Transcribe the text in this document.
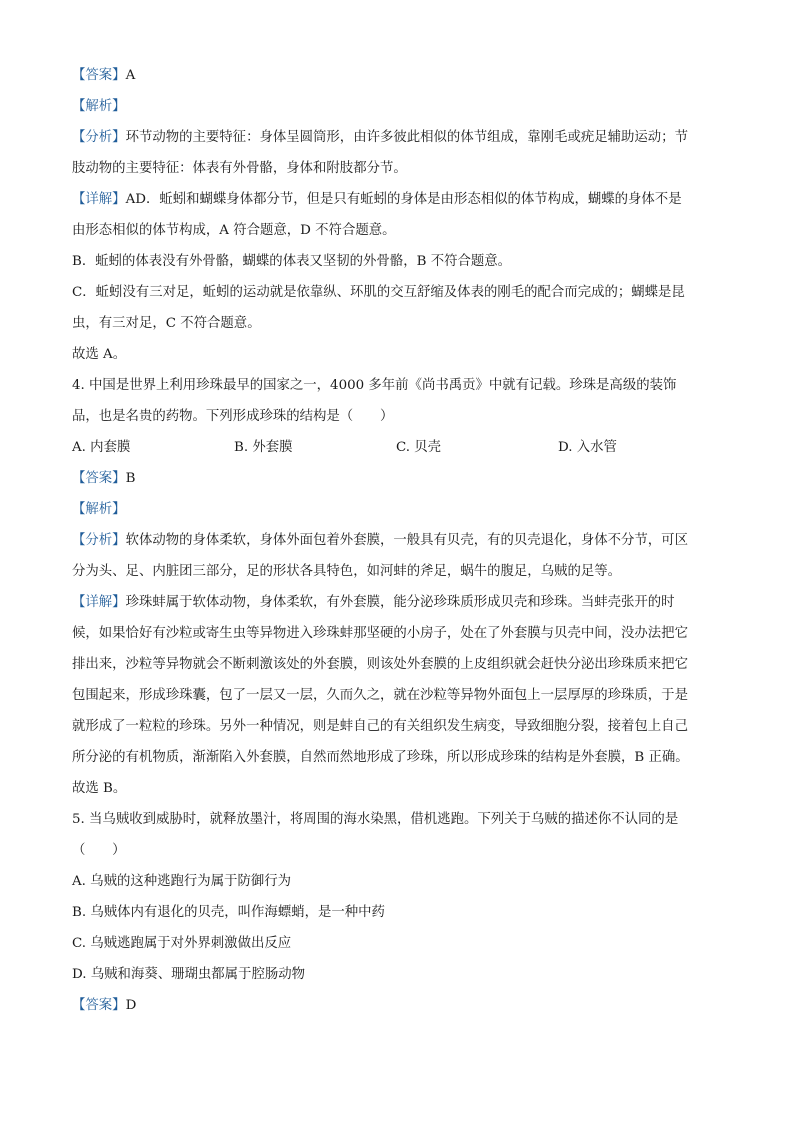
【答案】A
【解析】
【分析】环节动物的主要特征：身体呈圆筒形，由许多彼此相似的体节组成，靠刚毛或疣足辅助运动；节
肢动物的主要特征：体表有外骨骼，身体和附肢都分节。
【详解】AD．蚯蚓和蝴蝶身体都分节，但是只有蚯蚓的身体是由形态相似的体节构成，蝴蝶的身体不是
由形态相似的体节构成，A 符合题意，D 不符合题意。
B．蚯蚓的体表没有外骨骼，蝴蝶的体表又坚韧的外骨骼，B 不符合题意。
C．蚯蚓没有三对足，蚯蚓的运动就是依靠纵、环肌的交互舒缩及体表的刚毛的配合而完成的；蝴蝶是昆
虫，有三对足，C 不符合题意。
故选 A。
4. 中国是世界上利用珍珠最早的国家之一，4000 多年前《尚书禹贡》中就有记载。珍珠是高级的装饰
品，也是名贵的药物。下列形成珍珠的结构是（　　）
A. 内套膜	B. 外套膜	C. 贝壳	D. 入水管
【答案】B
【解析】
【分析】软体动物的身体柔软，身体外面包着外套膜，一般具有贝壳，有的贝壳退化，身体不分节，可区
分为头、足、内脏团三部分，足的形状各具特色，如河蚌的斧足，蜗牛的腹足，乌贼的足等。
【详解】珍珠蚌属于软体动物，身体柔软，有外套膜，能分泌珍珠质形成贝壳和珍珠。当蚌壳张开的时
候，如果恰好有沙粒或寄生虫等异物进入珍珠蚌那坚硬的小房子，处在了外套膜与贝壳中间，没办法把它
排出来，沙粒等异物就会不断刺激该处的外套膜，则该处外套膜的上皮组织就会赶快分泌出珍珠质来把它
包围起来，形成珍珠囊，包了一层又一层，久而久之，就在沙粒等异物外面包上一层厚厚的珍珠质，于是
就形成了一粒粒的珍珠。另外一种情况，则是蚌自己的有关组织发生病变，导致细胞分裂，接着包上自己
所分泌的有机物质，渐渐陷入外套膜，自然而然地形成了珍珠，所以形成珍珠的结构是外套膜，B 正确。
故选 B。
5. 当乌贼收到威胁时，就释放墨汁，将周围的海水染黑，借机逃跑。下列关于乌贼的描述你不认同的是
（　　）
A. 乌贼的这种逃跑行为属于防御行为
B. 乌贼体内有退化的贝壳，叫作海螵蛸，是一种中药
C. 乌贼逃跑属于对外界刺激做出反应
D. 乌贼和海葵、珊瑚虫都属于腔肠动物
【答案】D
